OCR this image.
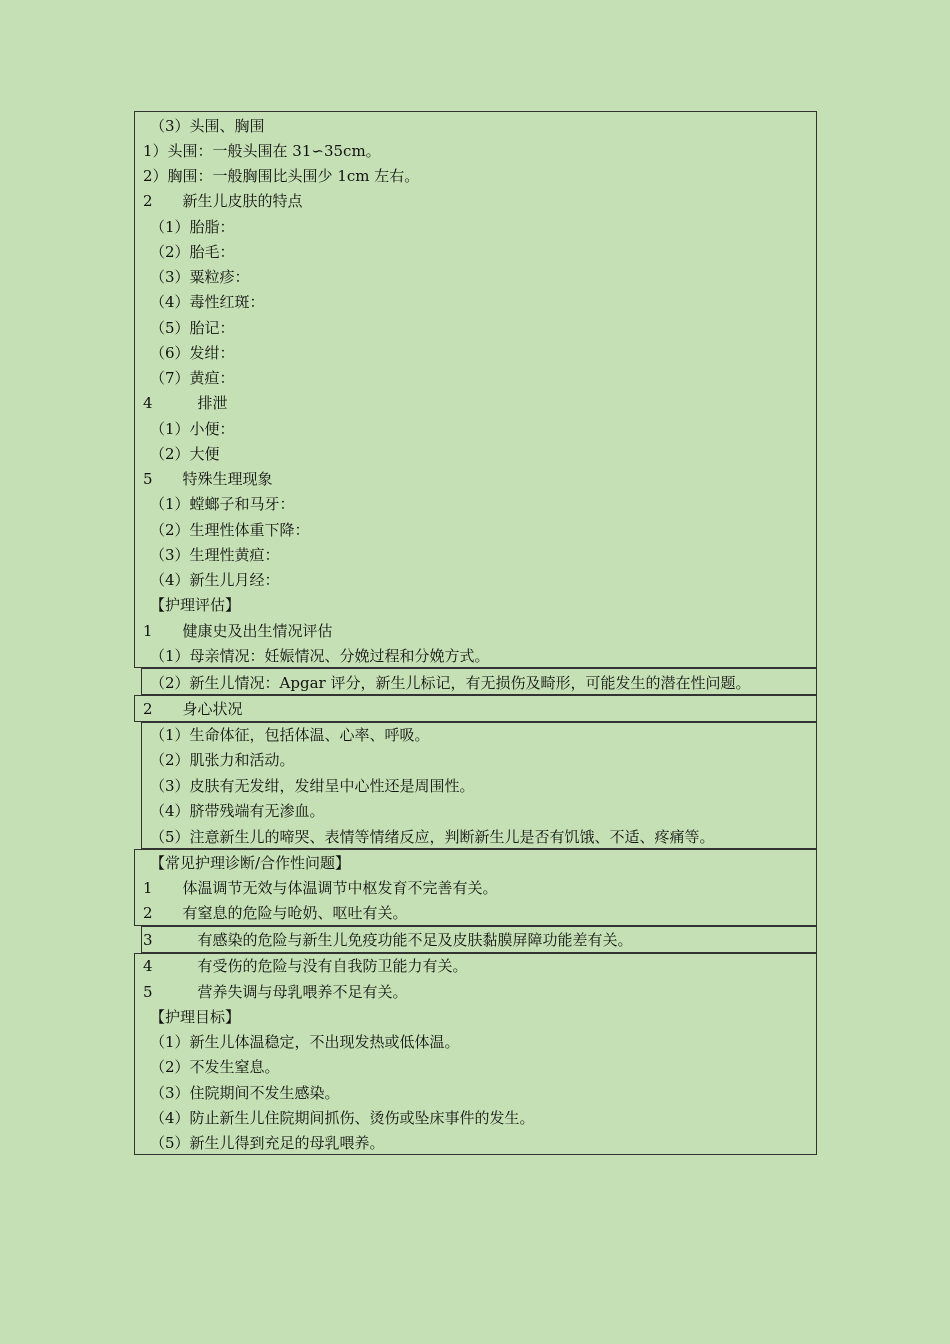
（3）头围、胸围
1）头围：一般头围在 31∽35cm。
2）胸围：一般胸围比头围少 1cm 左右。
2　　新生儿皮肤的特点
（1）胎脂：
（2）胎毛：
（3）粟粒疹：
（4）毒性红斑：
（5）胎记：
（6）发绀：
（7）黄疸：
4　　　排泄
（1）小便：
（2）大便
5　　特殊生理现象
（1）螳螂子和马牙：
（2）生理性体重下降：
（3）生理性黄疸：
（4）新生儿月经：
【护理评估】
1　　健康史及出生情况评估
（1）母亲情况：妊娠情况、分娩过程和分娩方式。
（2）新生儿情况：Apgar 评分，新生儿标记，有无损伤及畸形，可能发生的潜在性问题。
2　　身心状况
（1）生命体征，包括体温、心率、呼吸。
（2）肌张力和活动。
（3）皮肤有无发绀，发绀呈中心性还是周围性。
（4）脐带残端有无渗血。
（5）注意新生儿的啼哭、表情等情绪反应，判断新生儿是否有饥饿、不适、疼痛等。
【常见护理诊断/合作性问题】
1　　体温调节无效与体温调节中枢发育不完善有关。
2　　有窒息的危险与呛奶、呕吐有关。
3　　　有感染的危险与新生儿免疫功能不足及皮肤黏膜屏障功能差有关。
4　　　有受伤的危险与没有自我防卫能力有关。
5　　　营养失调与母乳喂养不足有关。
【护理目标】
（1）新生儿体温稳定，不出现发热或低体温。
（2）不发生窒息。
（3）住院期间不发生感染。
（4）防止新生儿住院期间抓伤、烫伤或坠床事件的发生。
（5）新生儿得到充足的母乳喂养。
